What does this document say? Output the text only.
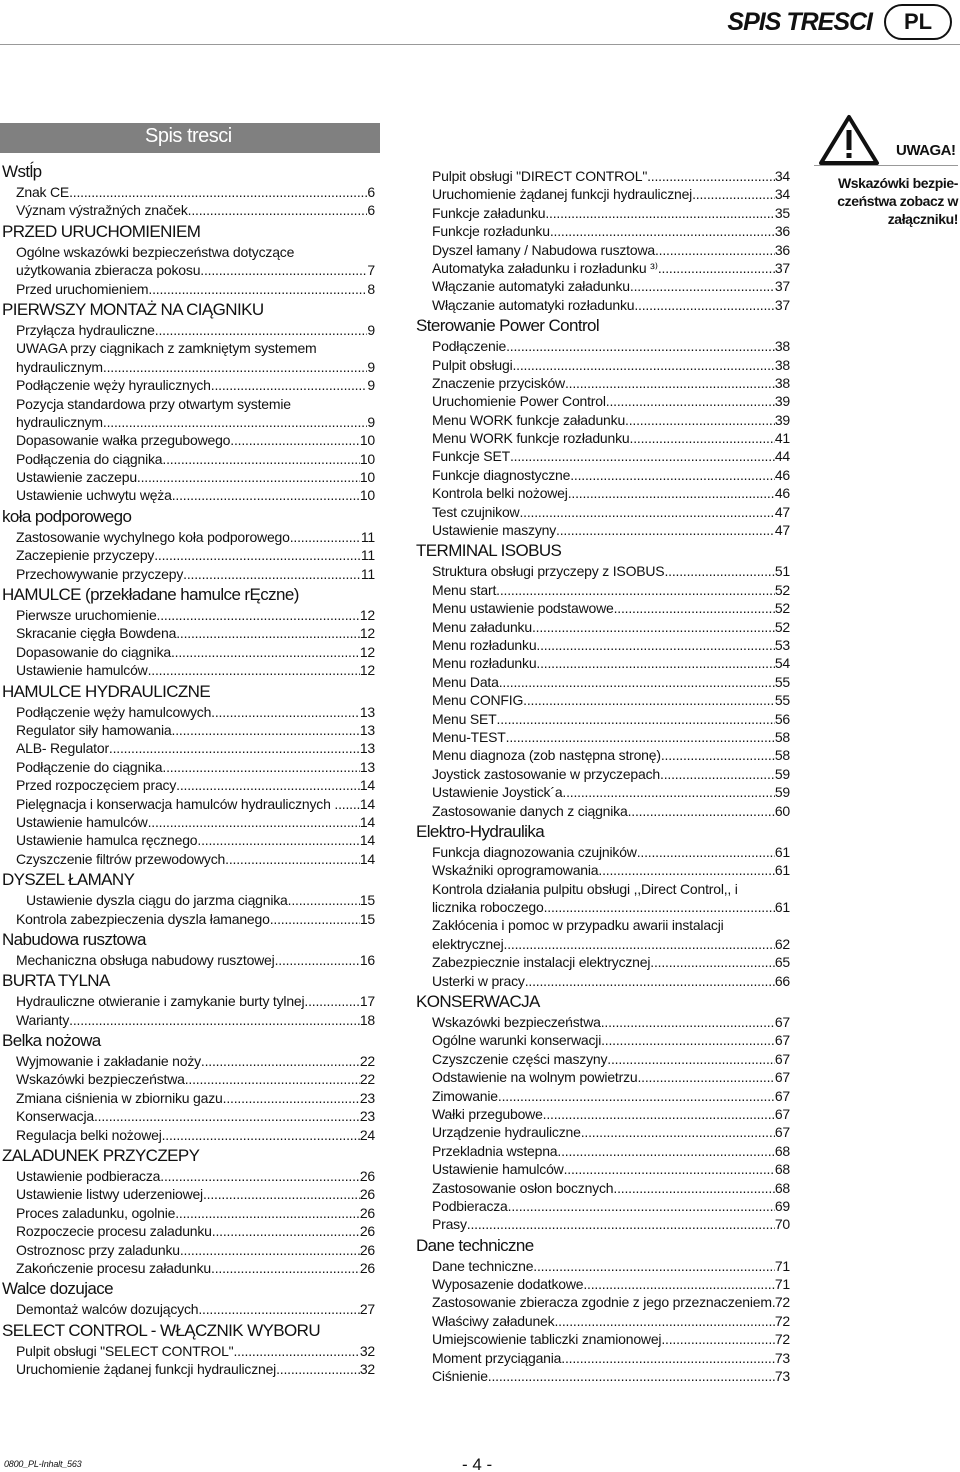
SPIS TRESCI	PL
Spis tresci
Wstĺp
Znak CE .....	6
Význam výstražných značek .....	6
PRZED URUCHOMIENIEM
Ogólne wskazówki bezpieczeństwa dotyczące
użytkowania zbieracza pokosu .....	7
Przed uruchomieniem .....	8
PIERWSZY MONTAŻ NA CIĄGNIKU
Przyłącza hydrauliczne .....	9
UWAGA przy ciągnikach z zamkniętym systemem
hydraulicznym .....	9
Podłączenie węży hyraulicznych .....	9
Pozycja standardowa przy otwartym systemie
hydraulicznym .....	9
Dopasowanie wałka przegubowego .....	10
Podłączenia do ciągnika .....	10
Ustawienie zaczepu .....	10
Ustawienie uchwytu węża .....	10
koła podporowego
Zastosowanie wychylnego koła podporowego .....	11
Zaczepienie przyczepy .....	11
Przechowywanie przyczepy .....	11
HAMULCE (przekładane hamulce rĘczne)
Pierwsze uruchomienie .....	12
Skracanie cięgła Bowdena .....	12
Dopasowanie do ciągnika .....	12
Ustawienie hamulców .....	12
HAMULCE HYDRAULICZNE
Podłączenie węży hamulcowych .....	13
Regulator siły hamowania .....	13
ALB- Regulator .....	13
Podłączenie do ciągnika .....	13
Przed rozpoczęciem pracy .....	14
Pielęgnacja i konserwacja hamulców hydraulicznych .. ..... 14
Ustawienie hamulców .....	14
Ustawienie hamulca ręcznego .....	14
Czyszczenie filtrów przewodowych .....	14
DYSZEL ŁAMANY
Ustawienie dyszla ciągu do jarzma ciągnika .....	15
Kontrola zabezpieczenia dyszla łamanego .....	15
Nabudowa rusztowa
Mechaniczna obsługa nabudowy rusztowej .....	16
BURTA TYLNA
Hydrauliczne otwieranie i zamykanie burty tylnej .....	17
Warianty .....	18
Belka nożowa
Wyjmowanie i zakładanie noży .....	22
Wskazówki bezpieczeństwa .....	22
Zmiana ciśnienia w zbiorniku gazu .....	23
Konserwacja .....	23
Regulacja belki nożowej .....	24
ZALADUNEK PRZYCZEPY
Ustawienie podbieracza .....	26
Ustawienie listwy uderzeniowej .....	26
Proces zaladunku, ogolnie .....	26
Rozpoczecie procesu zaladunku .....	26
Ostroznosc przy zaladunku .....	26
Zakończenie procesu załadunku .....	26
Walce dozujace
Demontaż walców dozujących .....	27
SELECT CONTROL - WŁĄCZNIK WYBORU
Pulpit obsługi "SELECT CONTROL" .....	32
Uruchomienie żądanej funkcji hydraulicznej .....	32
Pulpit obsługi "DIRECT CONTROL" .....	34
Uruchomienie żądanej funkcji hydraulicznej .....	34
Funkcje załadunku .....	35
Funkcje rozładunku .....	36
Dyszel łamany / Nabudowa rusztowa .....	36
Automatyka załadunku i rozładunku ³⁾ .....	37
Włączanie automatyki załadunku .....	37
Włączanie automatyki rozładunku .....	37
Sterowanie Power Control
Podłączenie .....	38
Pulpit obsługi .....	38
Znaczenie przycisków .....	38
Uruchomienie Power Control .....	39
Menu WORK funkcje załadunku .....	39
Menu WORK funkcje rozładunku .....	41
Funkcje SET .....	44
Funkcje diagnostyczne .....	46
Kontrola belki nożowej .....	46
Test czujnikow .....	47
Ustawienie maszyny .....	47
TERMINAL ISOBUS
Struktura obsługi przyczepy z ISOBUS .....	51
Menu start .....	52
Menu ustawienie podstawowe .....	52
Menu załadunku .....	52
Menu rozładunku .....	53
Menu rozładunku .....	54
Menu Data .....	55
Menu CONFIG .....	55
Menu SET .....	56
Menu-TEST .....	58
Menu diagnoza (zob następna stronę) .....	58
Joystick zastosowanie w przyczepach .....	59
Ustawienie Joystick´a .....	59
Zastosowanie danych z ciągnika .....	60
Elektro-Hydraulika
Funkcja diagnozowania czujników .....	61
Wskaźniki oprogramowania .....	61
Kontrola działania pulpitu obsługi ,,Direct Control,, i
licznika roboczego .....	61
Zakłócenia i pomoc w przypadku awarii instalacji
elektrycznej .....	62
Zabezpiecznie instalacji elektrycznej .....	65
Usterki w pracy .....	66
KONSERWACJA
Wskazówki bezpieczeństwa .....	67
Ogólne warunki konserwacji .....	67
Czyszczenie części maszyny .....	67
Odstawienie na wolnym powietrzu .....	67
Zimowanie .....	67
Wałki przegubowe .....	67
Urządzenie hydrauliczne .....	67
Przekladnia wstepna .....	68
Ustawienie hamulców .....	68
Zastosowanie osłon bocznych .....	68
Podbieracza .....	69
Prasy .....	70
Dane techniczne
Dane techniczne .....	71
Wyposazenie dodatkowe .....	71
Zastosowanie zbieracza zgodnie z jego przeznaczeniem ..... 72
Właściwy załadunek .....	72
Umiejscowienie tabliczki znamionowej .....	72
Moment przyciągania .....	73
Ciśnienie .....	73
UWAGA!
Wskazówki bezpie-
czeństwa zobacz w
załączniku!
0800_PL-Inhalt_563	- 4 -
